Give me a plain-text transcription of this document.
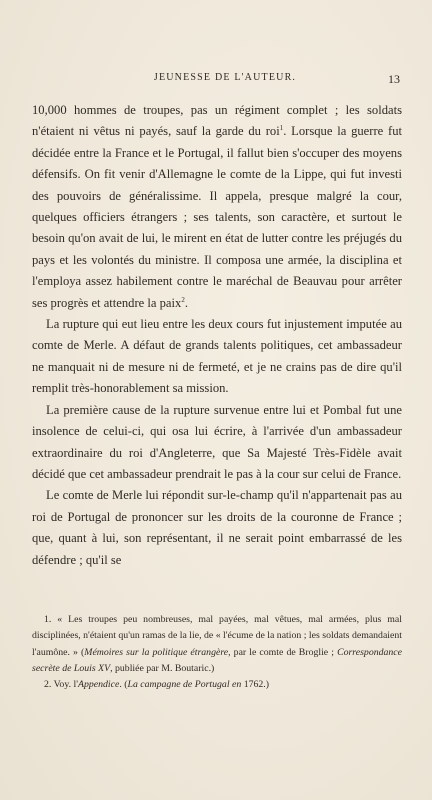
JEUNESSE DE L'AUTEUR.	13

10,000 hommes de troupes, pas un régiment complet ; les soldats n'étaient ni vêtus ni payés, sauf la garde du roi$^1$. Lorsque la guerre fut décidée entre la France et le Portugal, il fallut bien s'occuper des moyens défensifs. On fit venir d'Allemagne le comte de la Lippe, qui fut investi des pouvoirs de généralissime. Il appela, presque malgré la cour, quelques officiers étrangers ; ses talents, son caractère, et surtout le besoin qu'on avait de lui, le mirent en état de lutter contre les préjugés du pays et les volontés du ministre. Il composa une armée, la disciplina et l'employa assez habilement contre le maréchal de Beauvau pour arrêter ses progrès et attendre la paix$^2$.

La rupture qui eut lieu entre les deux cours fut injustement imputée au comte de Merle. A défaut de grands talents politiques, cet ambassadeur ne manquait ni de mesure ni de fermeté, et je ne crains pas de dire qu'il remplit très-honorablement sa mission.

La première cause de la rupture survenue entre lui et Pombal fut une insolence de celui-ci, qui osa lui écrire, à l'arrivée d'un ambassadeur extraordinaire du roi d'Angleterre, que Sa Majesté Très-Fidèle avait décidé que cet ambassadeur prendrait le pas à la cour sur celui de France.

Le comte de Merle lui répondit sur-le-champ qu'il n'appartenait pas au roi de Portugal de prononcer sur les droits de la couronne de France ; que, quant à lui, son représentant, il ne serait point embarrassé de les défendre ; qu'il se

1. « Les troupes peu nombreuses, mal payées, mal vêtues, mal armées, plus mal disciplinées, n'étaient qu'un ramas de la lie, de « l'écume de la nation ; les soldats demandaient l'aumône. » (Mémoires sur la politique étrangère, par le comte de Broglie ; Correspondance secrète de Louis XV, publiée par M. Boutaric.)

2. Voy. l'Appendice. (La campagne de Portugal en 1762.)
